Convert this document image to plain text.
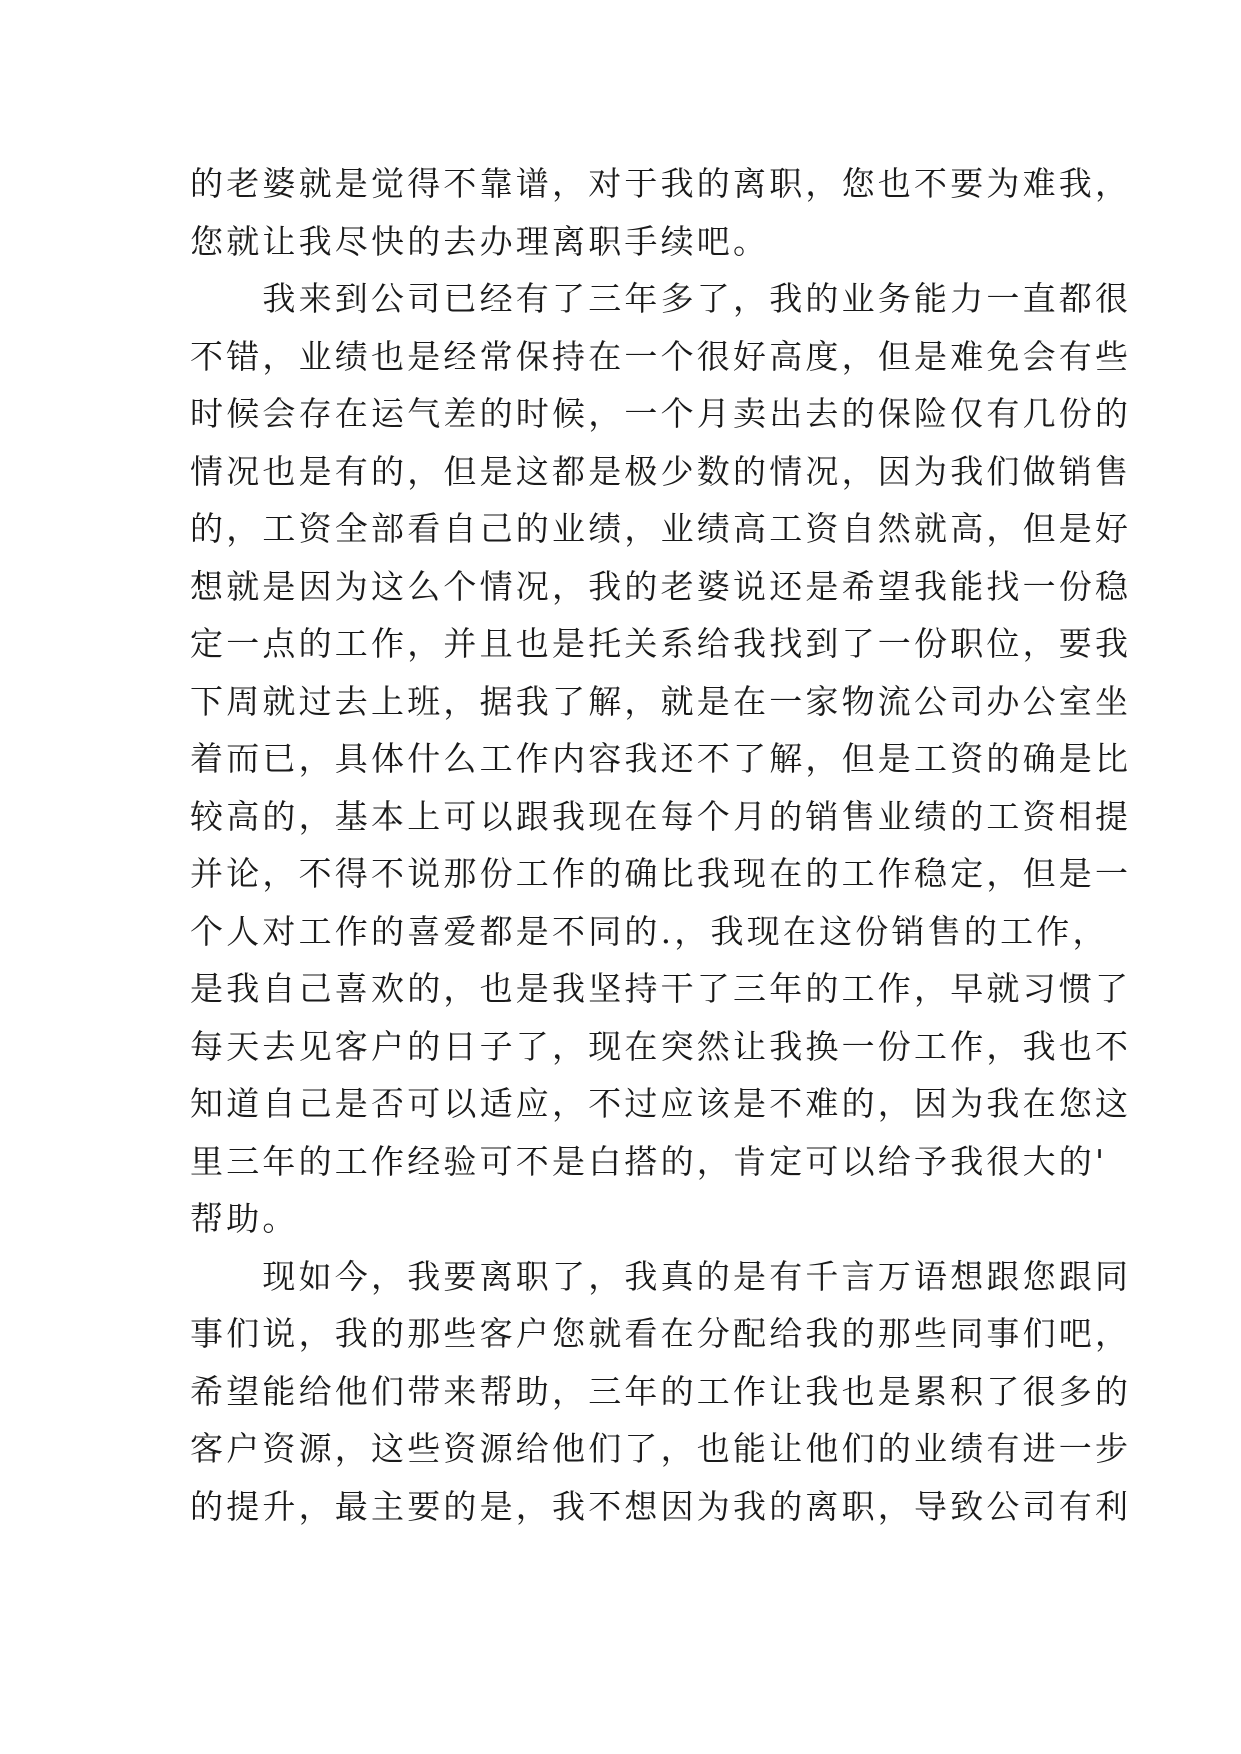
的老婆就是觉得不靠谱，对于我的离职，您也不要为难我，
您就让我尽快的去办理离职手续吧。
　　我来到公司已经有了三年多了，我的业务能力一直都很
不错，业绩也是经常保持在一个很好高度，但是难免会有些
时候会存在运气差的时候，一个月卖出去的保险仅有几份的
情况也是有的，但是这都是极少数的情况，因为我们做销售
的，工资全部看自己的业绩，业绩高工资自然就高，但是好
想就是因为这么个情况，我的老婆说还是希望我能找一份稳
定一点的工作，并且也是托关系给我找到了一份职位，要我
下周就过去上班，据我了解，就是在一家物流公司办公室坐
着而已，具体什么工作内容我还不了解，但是工资的确是比
较高的，基本上可以跟我现在每个月的销售业绩的工资相提
并论，不得不说那份工作的确比我现在的工作稳定，但是一
个人对工作的喜爱都是不同的.，我现在这份销售的工作，
是我自己喜欢的，也是我坚持干了三年的工作，早就习惯了
每天去见客户的日子了，现在突然让我换一份工作，我也不
知道自己是否可以适应，不过应该是不难的，因为我在您这
里三年的工作经验可不是白搭的，肯定可以给予我很大的'
帮助。
　　现如今，我要离职了，我真的是有千言万语想跟您跟同
事们说，我的那些客户您就看在分配给我的那些同事们吧，
希望能给他们带来帮助，三年的工作让我也是累积了很多的
客户资源，这些资源给他们了，也能让他们的业绩有进一步
的提升，最主要的是，我不想因为我的离职，导致公司有利
